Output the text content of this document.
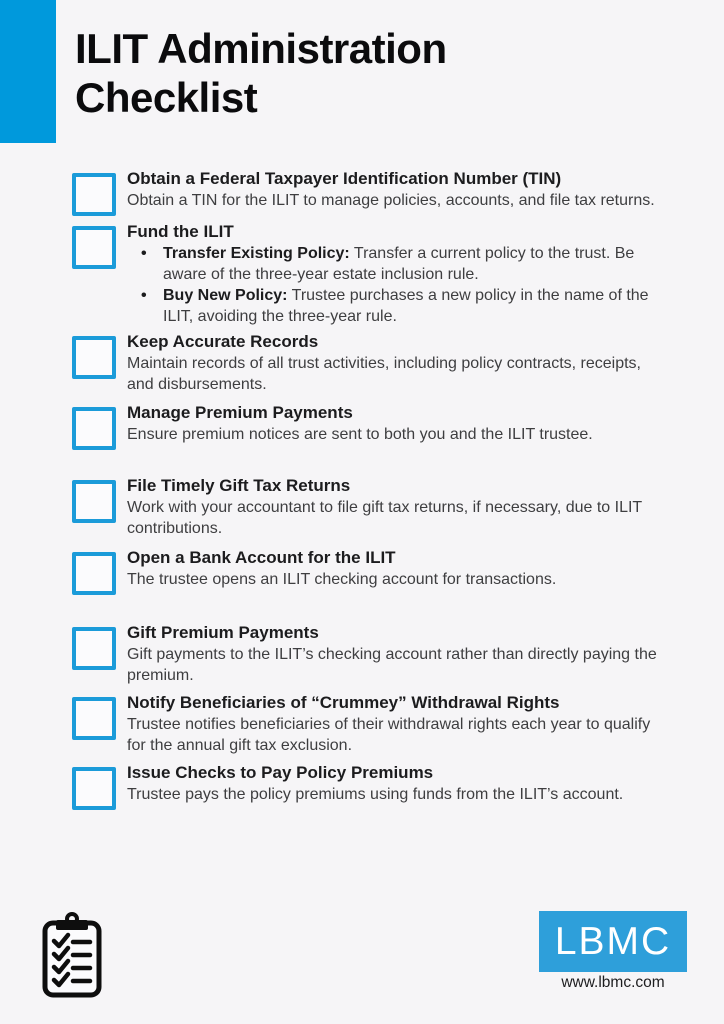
ILIT Administration Checklist
Obtain a Federal Taxpayer Identification Number (TIN)
Obtain a TIN for the ILIT to manage policies, accounts, and file tax returns.
Fund the ILIT
•	Transfer Existing Policy: Transfer a current policy to the trust. Be aware of the three-year estate inclusion rule.
•	Buy New Policy: Trustee purchases a new policy in the name of the ILIT, avoiding the three-year rule.
Keep Accurate Records
Maintain records of all trust activities, including policy contracts, receipts, and disbursements.
Manage Premium Payments
Ensure premium notices are sent to both you and the ILIT trustee.
File Timely Gift Tax Returns
Work with your accountant to file gift tax returns, if necessary, due to ILIT contributions.
Open a Bank Account for the ILIT
The trustee opens an ILIT checking account for transactions.
Gift Premium Payments
Gift payments to the ILIT’s checking account rather than directly paying the premium.
Notify Beneficiaries of “Crummey” Withdrawal Rights
Trustee notifies beneficiaries of their withdrawal rights each year to qualify for the annual gift tax exclusion.
Issue Checks to Pay Policy Premiums
Trustee pays the policy premiums using funds from the ILIT’s account.
LBMC
www.lbmc.com
